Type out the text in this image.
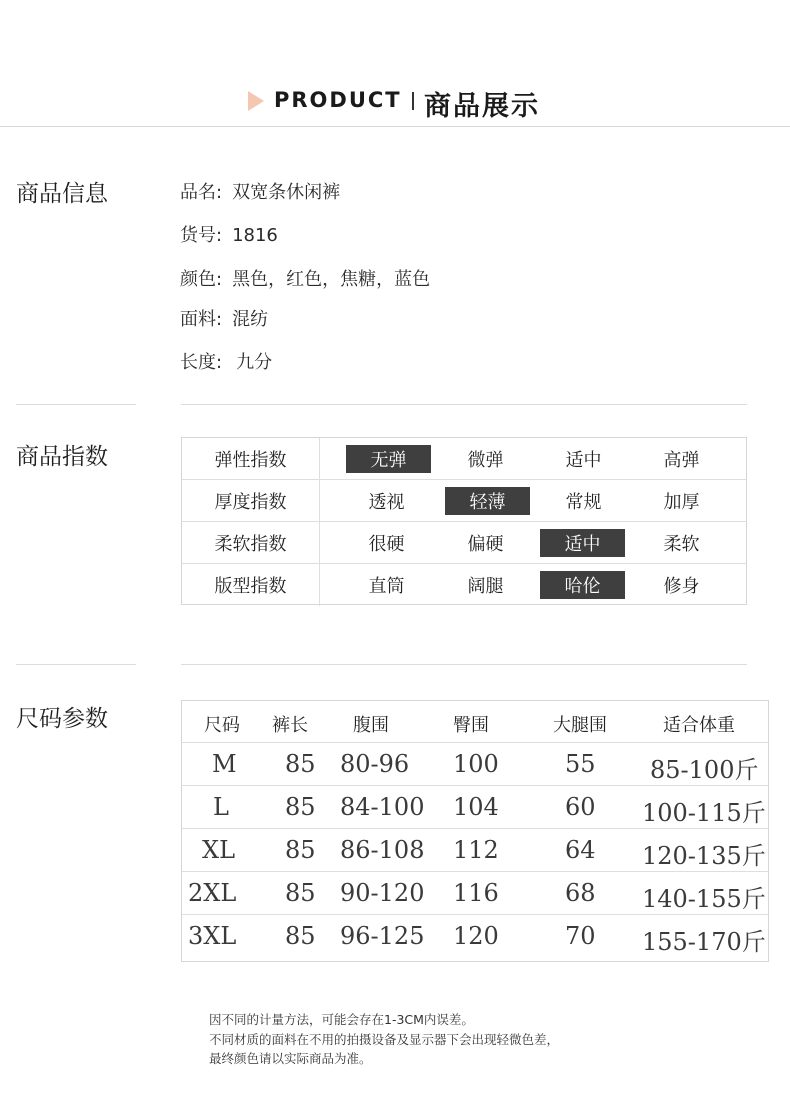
PRODUCT 商品展示
商品信息	品名: 双宽条休闲裤
货号: 1816
颜色: 黑色，红色，焦糖，蓝色
面料: 混纺
长度: 九分
商品指数	弹性指数	无弹	微弹	适中	高弹
厚度指数	透视	轻薄	常规	加厚
柔软指数	很硬	偏硬	适中	柔软
版型指数	直筒	阔腿	哈伦	修身
尺码参数	尺码 裤长	腹围	臀围	大腿围	适合体重
M 85 80-96 100	55 85-100斤
L 85 84-100 104	60 100-115斤
XL 85 86-108 112	64 120-135斤
2XL 85 90-120 116	68 140-155斤
3XL 85 96-125 120	70 155-170斤
因不同的计量方法，可能会存在1-3CM内误差。
不同材质的面料在不用的拍摄设备及显示器下会出现轻微色差，
最终颜色请以实际商品为准。
